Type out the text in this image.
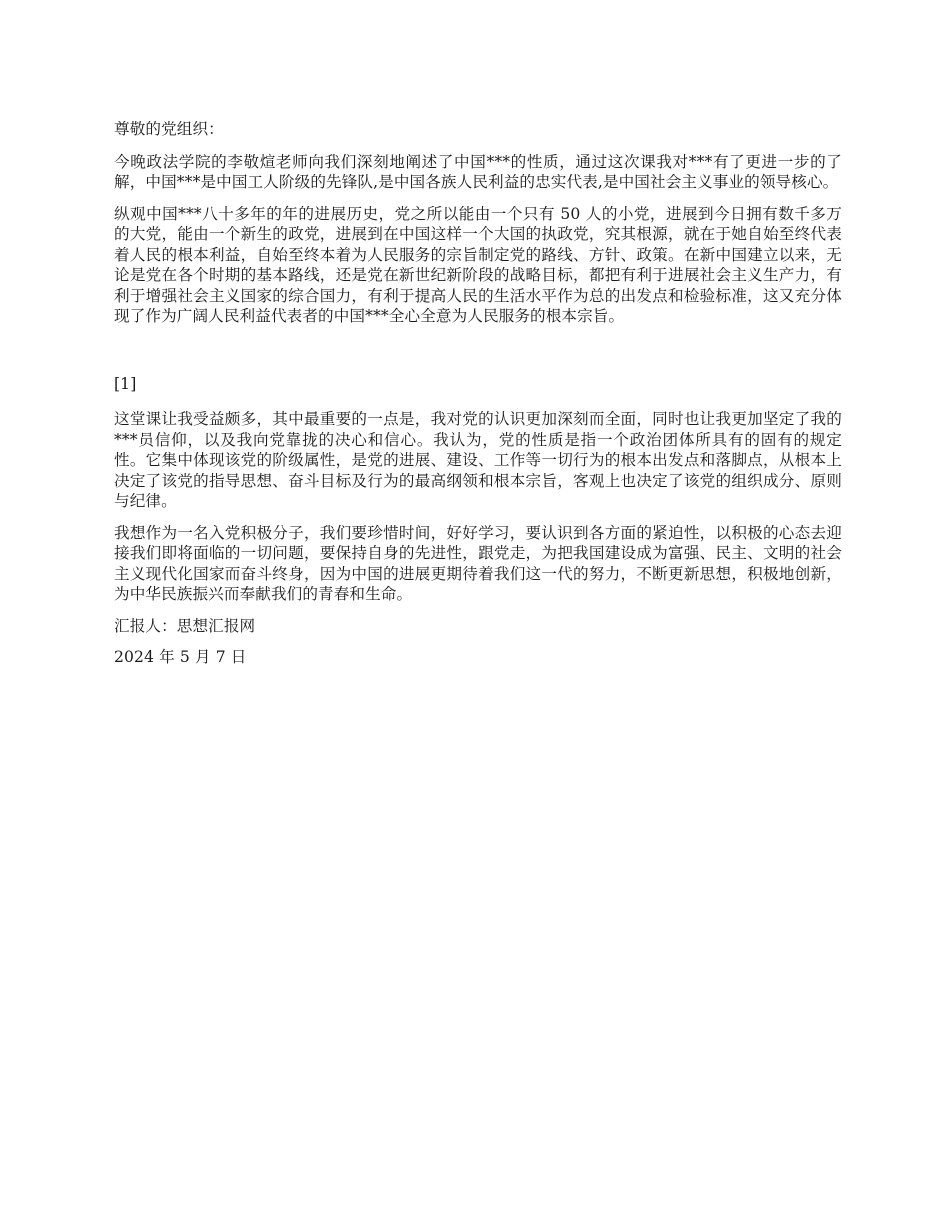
尊敬的党组织：

今晚政法学院的李敬煊老师向我们深刻地阐述了中国***的性质，通过这次课我对***有了更进一步的了解，中国***是中国工人阶级的先锋队,是中国各族人民利益的忠实代表,是中国社会主义事业的领导核心。

纵观中国***八十多年的年的进展历史，党之所以能由一个只有 50 人的小党，进展到今日拥有数千多万的大党，能由一个新生的政党，进展到在中国这样一个大国的执政党，究其根源，就在于她自始至终代表着人民的根本利益，自始至终本着为人民服务的宗旨制定党的路线、方针、政策。在新中国建立以来，无论是党在各个时期的基本路线，还是党在新世纪新阶段的战略目标，都把有利于进展社会主义生产力，有利于增强社会主义国家的综合国力，有利于提高人民的生活水平作为总的出发点和检验标准，这又充分体现了作为广阔人民利益代表者的中国***全心全意为人民服务的根本宗旨。

[1]

这堂课让我受益颇多，其中最重要的一点是，我对党的认识更加深刻而全面，同时也让我更加坚定了我的***员信仰，以及我向党靠拢的决心和信心。我认为，党的性质是指一个政治团体所具有的固有的规定性。它集中体现该党的阶级属性，是党的进展、建设、工作等一切行为的根本出发点和落脚点，从根本上决定了该党的指导思想、奋斗目标及行为的最高纲领和根本宗旨，客观上也决定了该党的组织成分、原则与纪律。

我想作为一名入党积极分子，我们要珍惜时间，好好学习，要认识到各方面的紧迫性，以积极的心态去迎接我们即将面临的一切问题，要保持自身的先进性，跟党走，为把我国建设成为富强、民主、文明的社会主义现代化国家而奋斗终身，因为中国的进展更期待着我们这一代的努力，不断更新思想，积极地创新，为中华民族振兴而奉献我们的青春和生命。

汇报人：思想汇报网

2024 年 5 月 7 日
